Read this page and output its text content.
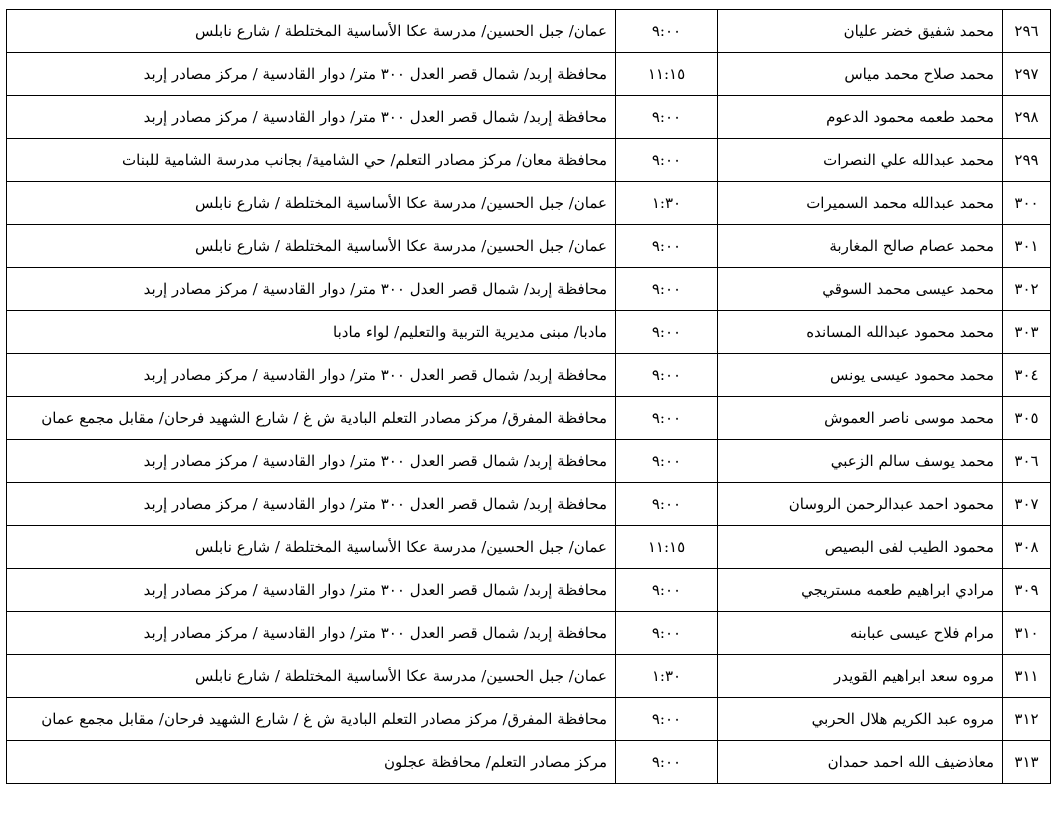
٢٩٦	محمد شفيق خضر عليان	٩:٠٠	عمان/ جبل الحسين/ مدرسة عكا الأساسية المختلطة / شارع نابلس
٢٩٧	محمد صلاح محمد مياس	١١:١٥	محافظة إربد/ شمال قصر العدل ٣٠٠ متر/ دوار القادسية / مركز مصادر إربد
٢٩٨	محمد طعمه محمود الدعوم	٩:٠٠	محافظة إربد/ شمال قصر العدل ٣٠٠ متر/ دوار القادسية / مركز مصادر إربد
٢٩٩	محمد عبدالله علي النصرات	٩:٠٠	محافظة معان/ مركز مصادر التعلم/ حي الشامية/ بجانب مدرسة الشامية للبنات
٣٠٠	محمد عبدالله محمد السميرات	١:٣٠	عمان/ جبل الحسين/ مدرسة عكا الأساسية المختلطة / شارع نابلس
٣٠١	محمد عصام صالح المغاربة	٩:٠٠	عمان/ جبل الحسين/ مدرسة عكا الأساسية المختلطة / شارع نابلس
٣٠٢	محمد عيسى محمد السوقي	٩:٠٠	محافظة إربد/ شمال قصر العدل ٣٠٠ متر/ دوار القادسية / مركز مصادر إربد
٣٠٣	محمد محمود عبدالله المسانده	٩:٠٠	مادبا/ مبنى مديرية التربية والتعليم/ لواء مادبا
٣٠٤	محمد محمود عيسى يونس	٩:٠٠	محافظة إربد/ شمال قصر العدل ٣٠٠ متر/ دوار القادسية / مركز مصادر إربد
٣٠٥	محمد موسى ناصر العموش	٩:٠٠	محافظة المفرق/ مركز مصادر التعلم البادية ش غ / شارع الشهيد فرحان/ مقابل مجمع عمان
٣٠٦	محمد يوسف سالم الزعبي	٩:٠٠	محافظة إربد/ شمال قصر العدل ٣٠٠ متر/ دوار القادسية / مركز مصادر إربد
٣٠٧	محمود احمد عبدالرحمن الروسان	٩:٠٠	محافظة إربد/ شمال قصر العدل ٣٠٠ متر/ دوار القادسية / مركز مصادر إربد
٣٠٨	محمود الطيب لفى البصيص	١١:١٥	عمان/ جبل الحسين/ مدرسة عكا الأساسية المختلطة / شارع نابلس
٣٠٩	مرادي ابراهيم طعمه مستريجي	٩:٠٠	محافظة إربد/ شمال قصر العدل ٣٠٠ متر/ دوار القادسية / مركز مصادر إربد
٣١٠	مرام فلاح عيسى عبابنه	٩:٠٠	محافظة إربد/ شمال قصر العدل ٣٠٠ متر/ دوار القادسية / مركز مصادر إربد
٣١١	مروه سعد ابراهيم القويدر	١:٣٠	عمان/ جبل الحسين/ مدرسة عكا الأساسية المختلطة / شارع نابلس
٣١٢	مروه عبد الكريم هلال الحربي	٩:٠٠	محافظة المفرق/ مركز مصادر التعلم البادية ش غ / شارع الشهيد فرحان/ مقابل مجمع عمان
٣١٣	معاذضيف الله احمد حمدان	٩:٠٠	مركز مصادر التعلم/ محافظة عجلون
